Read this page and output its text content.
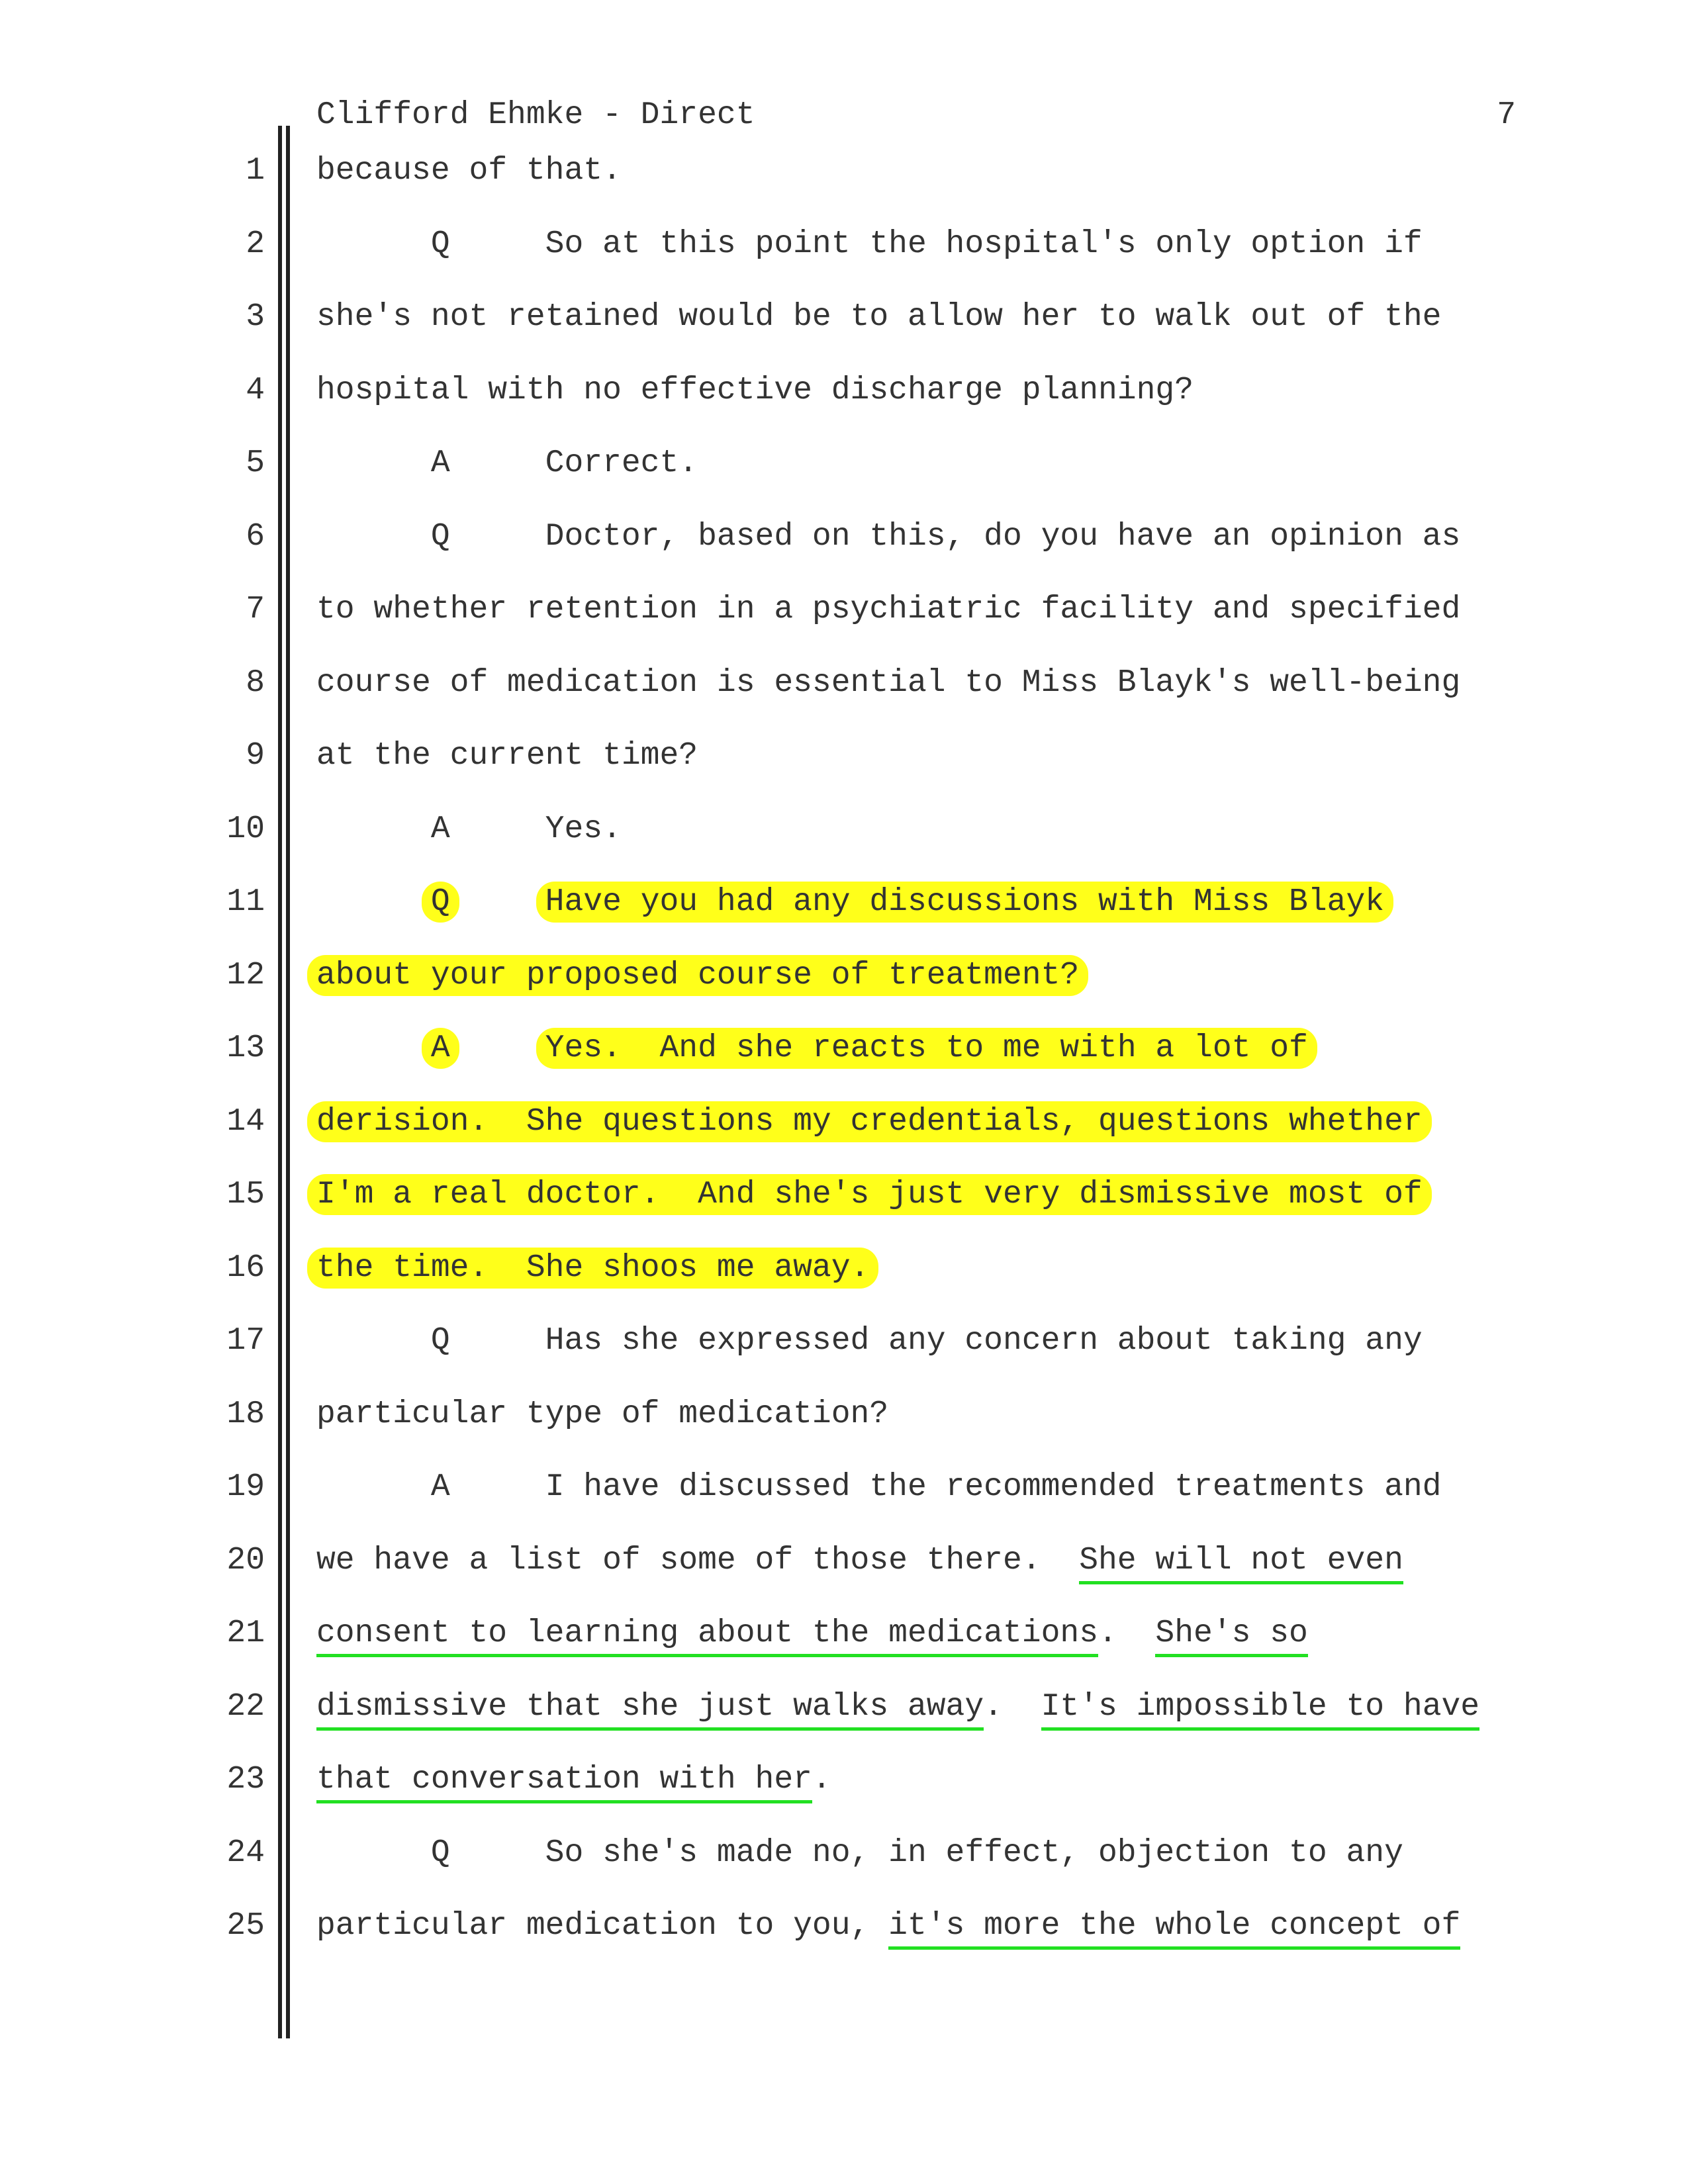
Clifford Ehmke - Direct	7
1 because of that.
2 Q     So at this point the hospital's only option if
3 she's not retained would be to allow her to walk out of the
4 hospital with no effective discharge planning?
5 A     Correct.
6 Q     Doctor, based on this, do you have an opinion as
7 to whether retention in a psychiatric facility and specified
8 course of medication is essential to Miss Blayk's well-being
9 at the current time?
10 A     Yes.
11	Q	Have you had any discussions with Miss Blayk
12 about your proposed course of treatment?
13	A	Yes.  And she reacts to me with a lot of
14 derision.  She questions my credentials, questions whether
15 I'm a real doctor.  And she's just very dismissive most of
16 the time.  She shoos me away.
17 Q     Has she expressed any concern about taking any
18 particular type of medication?
19 A     I have discussed the recommended treatments and
20 we have a list of some of those there.  She will not even
21 consent to learning about the medications.  She's so
22 dismissive that she just walks away.  It's impossible to have
23 that conversation with her.
24 Q     So she's made no, in effect, objection to any
25 particular medication to you, it's more the whole concept of
